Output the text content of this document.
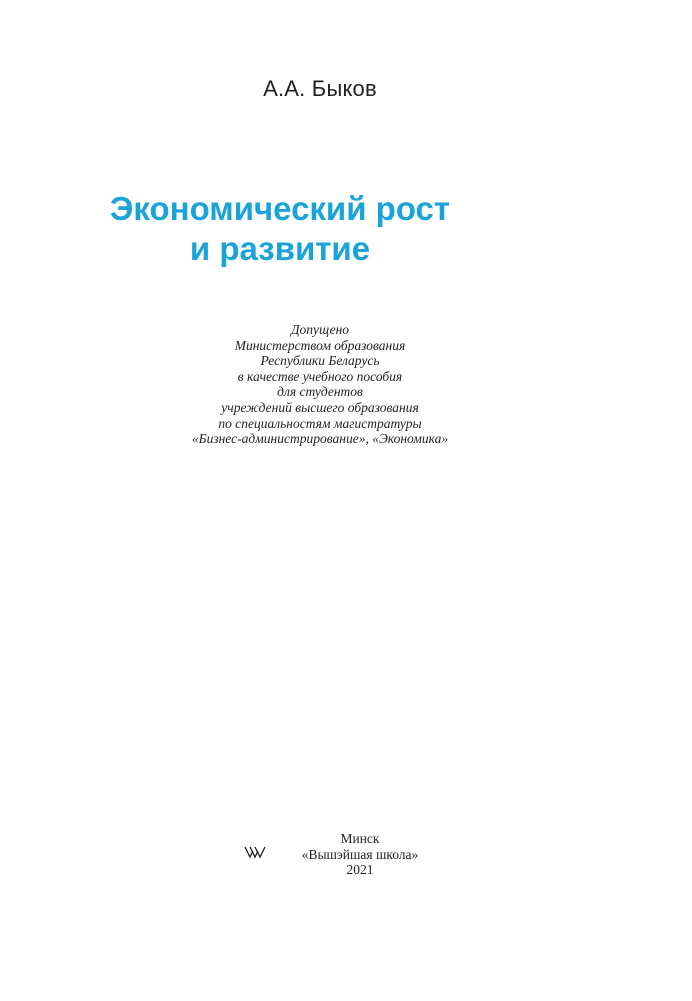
А.А. Быков
Экономический рост
и развитие
Допущено
Министерством образования
Республики Беларусь
в качестве учебного пособия
для студентов
учреждений высшего образования
по специальностям магистратуры
«Бизнес-администрирование», «Экономика»
Минск
«Вышэйшая школа»
2021
